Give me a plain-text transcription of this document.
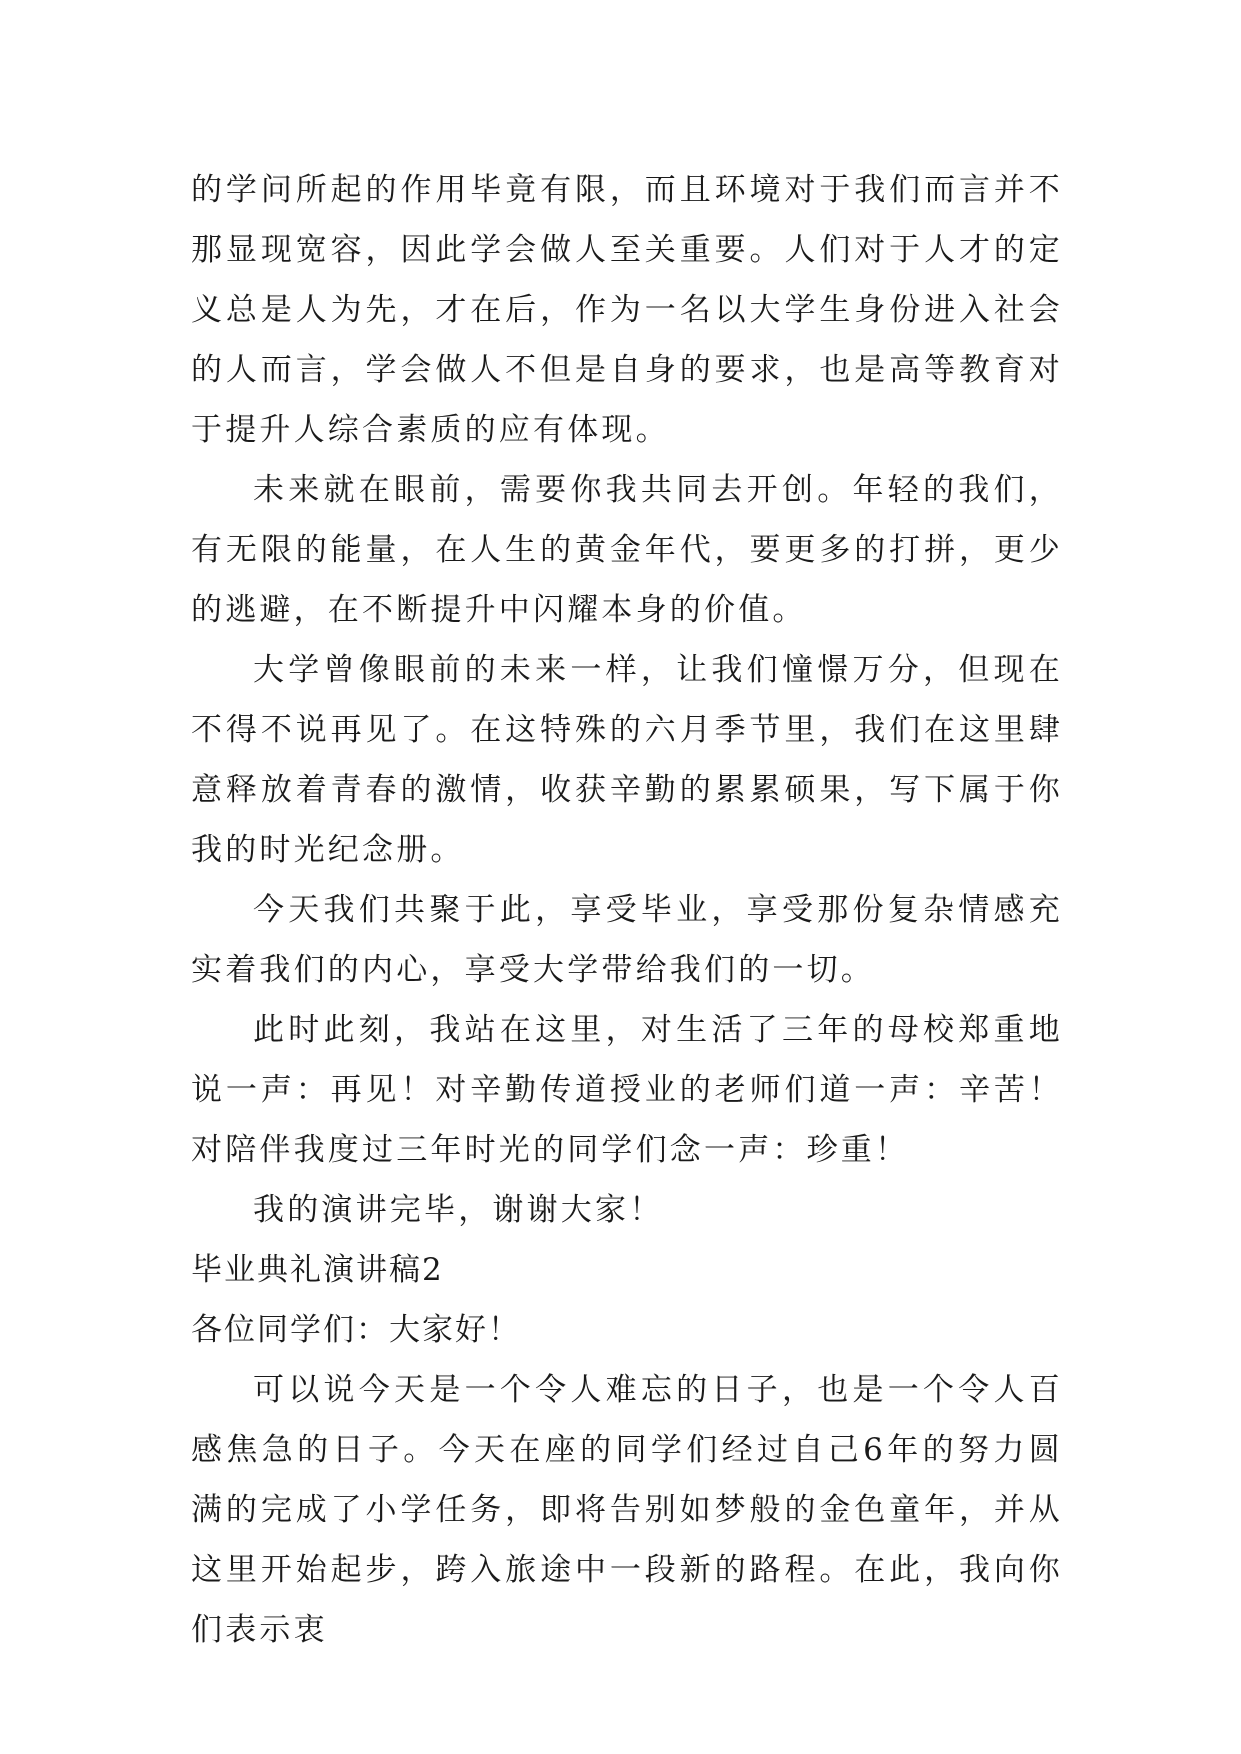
的学问所起的作用毕竟有限，而且环境对于我们而言并不那显现宽容，因此学会做人至关重要。人们对于人才的定义总是人为先，才在后，作为一名以大学生身份进入社会的人而言，学会做人不但是自身的要求，也是高等教育对于提升人综合素质的应有体现。

未来就在眼前，需要你我共同去开创。年轻的我们，有无限的能量，在人生的黄金年代，要更多的打拼，更少的逃避，在不断提升中闪耀本身的价值。

大学曾像眼前的未来一样，让我们憧憬万分，但现在不得不说再见了。在这特殊的六月季节里，我们在这里肆意释放着青春的激情，收获辛勤的累累硕果，写下属于你我的时光纪念册。

今天我们共聚于此，享受毕业，享受那份复杂情感充实着我们的内心，享受大学带给我们的一切。

此时此刻，我站在这里，对生活了三年的母校郑重地说一声：再见！对辛勤传道授业的老师们道一声：辛苦！对陪伴我度过三年时光的同学们念一声：珍重！

我的演讲完毕，谢谢大家！

毕业典礼演讲稿2

各位同学们：大家好！

可以说今天是一个令人难忘的日子，也是一个令人百感焦急的日子。今天在座的同学们经过自己6年的努力圆满的完成了小学任务，即将告别如梦般的金色童年，并从这里开始起步，跨入旅途中一段新的路程。在此，我向你们表示衷
